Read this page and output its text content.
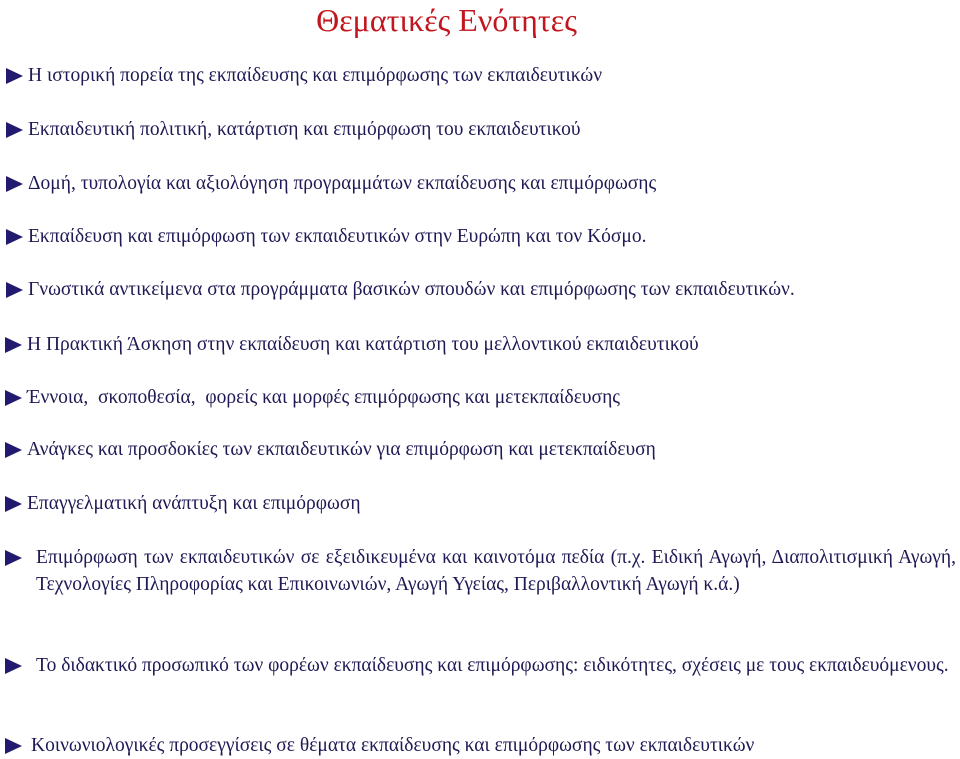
Θεματικές Ενότητες
Η ιστορική πορεία της εκπαίδευσης και επιμόρφωσης των εκπαιδευτικών
Εκπαιδευτική πολιτική, κατάρτιση και επιμόρφωση του εκπαιδευτικού
Δομή, τυπολογία και αξιολόγηση προγραμμάτων εκπαίδευσης και επιμόρφωσης
Εκπαίδευση και επιμόρφωση των εκπαιδευτικών στην Ευρώπη και τον Κόσμο.
Γνωστικά αντικείμενα στα προγράμματα βασικών σπουδών και επιμόρφωσης των εκπαιδευτικών.
Η Πρακτική Άσκηση στην εκπαίδευση και κατάρτιση του μελλοντικού εκπαιδευτικού
Έννοια,  σκοποθεσία,  φορείς και μορφές επιμόρφωσης και μετεκπαίδευσης
Ανάγκες και προσδοκίες των εκπαιδευτικών για επιμόρφωση και μετεκπαίδευση
Επαγγελματική ανάπτυξη και επιμόρφωση
Επιμόρφωση των εκπαιδευτικών σε εξειδικευμένα και καινοτόμα πεδία (π.χ. Ειδική Αγωγή, Διαπολιτισμική Αγωγή, Τεχνολογίες Πληροφορίας και Επικοινωνιών, Αγωγή Υγείας, Περιβαλλοντική Αγωγή κ.ά.)
Το διδακτικό προσωπικό των φορέων εκπαίδευσης και επιμόρφωσης: ειδικότητες, σχέσεις με τους εκπαιδευόμενους.
Κοινωνιολογικές προσεγγίσεις σε θέματα εκπαίδευσης και επιμόρφωσης των εκπαιδευτικών
